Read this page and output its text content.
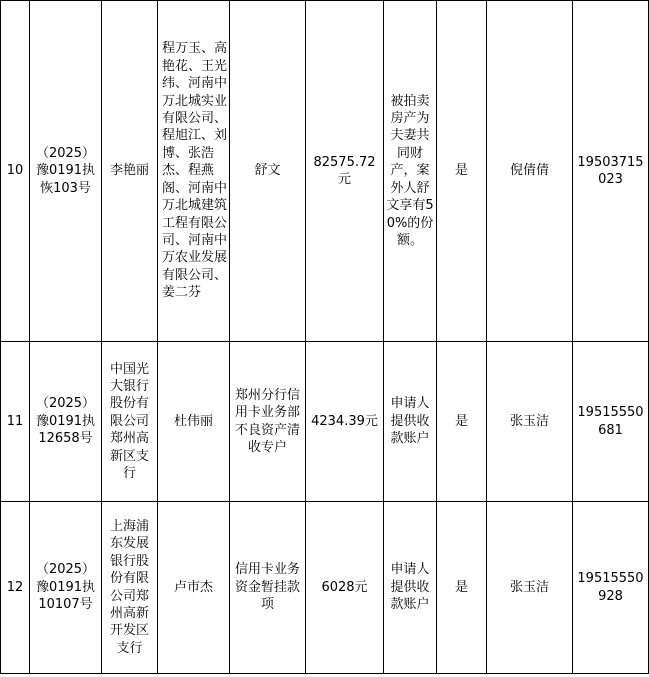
10	（2025）豫0191执恢103号	李艳丽	程万玉、高艳花、王光纬、河南中万北城实业有限公司、程旭江、刘博、张浩杰、程燕阁、河南中万北城建筑工程有限公司、河南中万农业发展有限公司、姜二芬	舒文	82575.72元	被拍卖房产为夫妻共同财产，案外人舒文享有50%的份额。	是	倪倩倩	19503715023
11	（2025）豫0191执12658号	中国光大银行股份有限公司郑州高新区支行	杜伟丽	郑州分行信用卡业务部不良资产清收专户	4234.39元	申请人提供收款账户	是	张玉洁	19515550681
12	（2025）豫0191执10107号	上海浦东发展银行股份有限公司郑州高新开发区支行	卢市杰	信用卡业务资金暂挂款项	6028元	申请人提供收款账户	是	张玉洁	19515550928
